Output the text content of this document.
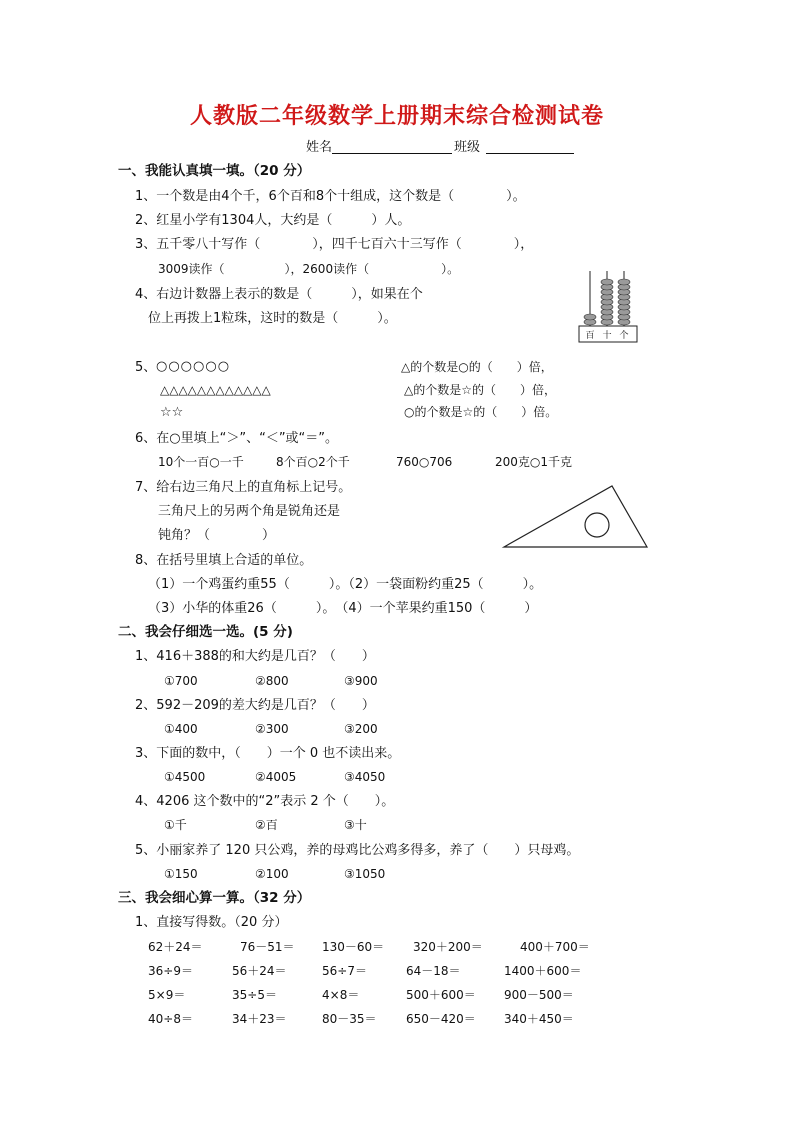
人教版二年级数学上册期末综合检测试卷
姓名	班级
一、我能认真填一填。（20 分）
1、一个数是由4个千，6个百和8个十组成，这个数是（　　　　）。
2、红星小学有1304人，大约是（　　　）人。
3、五千零八十写作（　　　　），四千七百六十三写作（　　　　），
3009读作（　　　　　），2600读作（　　　　　　）。
4、右边计数器上表示的数是（　　　），如果在个
位上再拨上1粒珠，这时的数是（　　　）。
百 十 个
5、 ○○○○○○
△△△△△△△△△△△△
☆☆
△的个数是○的（　　）倍，
△的个数是☆的（　　）倍，
○的个数是☆的（　　）倍。
6、在○里填上“＞”、“＜”或“＝”。
10个一百○一千	8个百○2个千	760○706	200克○1千克
7、给右边三角尺上的直角标上记号。
三角尺上的另两个角是锐角还是
钝角？（　　　　）
8、在括号里填上合适的单位。
（1）一个鸡蛋约重55（　　　）。（2）一袋面粉约重25（　　　）。
（3）小华的体重26（　　　）。　（4）一个苹果约重150（　　　）
二、我会仔细选一选。(5 分)
1、416＋388的和大约是几百？（　　）
①700	②800	③900
2、592－209的差大约是几百？（　　）
①400	②300	③200
3、下面的数中，（　　）一个 0 也不读出来。
①4500	②4005	③4050
4、4206 这个数中的“2”表示 2 个（　　）。
①千	②百	③十
5、小丽家养了 120 只公鸡，养的母鸡比公鸡多得多，养了（　　）只母鸡。
①150	②100	③1050
三、我会细心算一算。（32 分）
1、直接写得数。（20 分）
62＋24＝	76－51＝ 130－60＝ 320＋200＝	400＋700＝
36÷9＝	56＋24＝	56÷7＝	64－18＝	1400＋600＝
5×9＝	35÷5＝	4×8＝	500＋600＝ 900－500＝
40÷8＝	34＋23＝	80－35＝ 650－420＝ 340＋450＝
